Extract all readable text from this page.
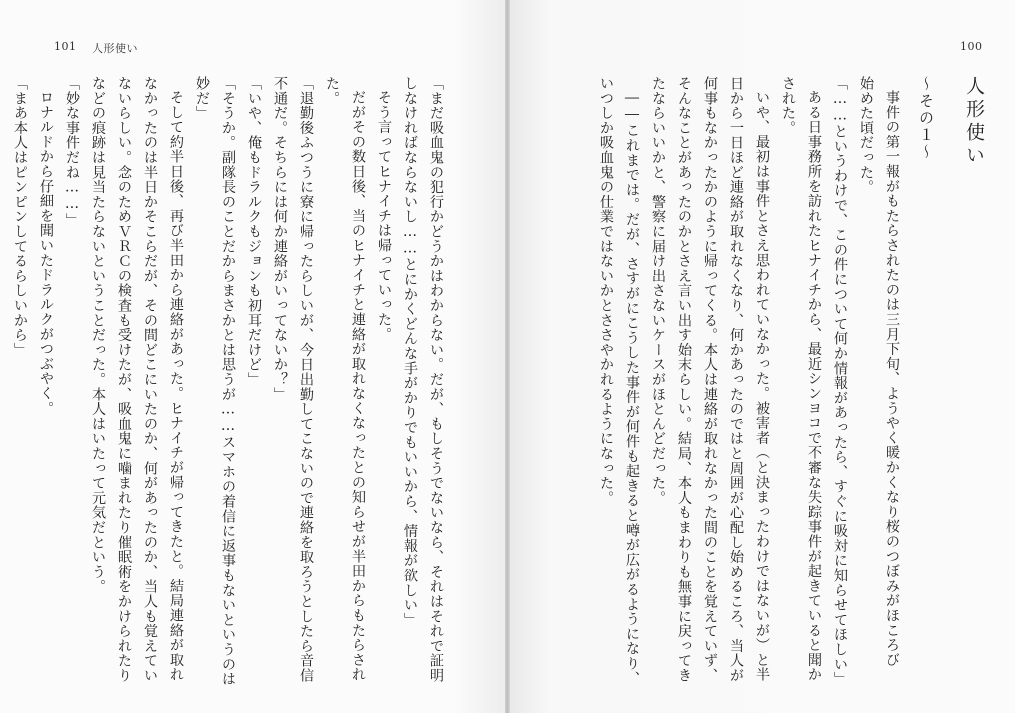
101 人形使い
「まだ吸血鬼の犯行かどうかはわからない。だが、もしそうでないなら、それはそれで証明
しなければならないし……とにかくどんな手がかりでもいいから、情報が欲しい」
そう言ってヒナイチは帰っていった。
だがその数日後、当のヒナイチと連絡が取れなくなったとの知らせが半田からもたらされ
た。
「退勤後ふつうに寮に帰ったらしいが、今日出勤してこないので連絡を取ろうとしたら音信
不通だ。そちらには何か連絡がいってないか？」
「いや、俺もドラルクもジョンも初耳だけど」
「そうか。副隊長のことだからまさかとは思うが……スマホの着信に返事もないというのは
妙だ」
そして約半日後、再び半田から連絡があった。ヒナイチが帰ってきたと。結局連絡が取れ
なかったのは半日かそこらだが、その間どこにいたのか、何があったのか、当人も覚えてい
ないらしい。念のためＶＲＣの検査も受けたが、吸血鬼に噛まれたり催眠術をかけられたり
などの痕跡は見当たらないということだった。本人はいたって元気だという。
「妙な事件だね……」
ロナルドから仔細を聞いたドラルクがつぶやく。
「まあ本人はピンピンしてるらしいから」
100
人形使い
〜その１〜
事件の第一報がもたらされたのは三月下旬、ようやく暖かくなり桜のつぼみがほころび
始めた頃だった。
「……というわけで、この件について何か情報があったら、すぐに吸対に知らせてほしい」
ある日事務所を訪れたヒナイチから、最近シンヨコで不審な失踪事件が起きていると聞か
された。
いや、最初は事件とさえ思われていなかった。被害者（と決まったわけではないが）と半
日から一日ほど連絡が取れなくなり、何かあったのではと周囲が心配し始めるころ、当人が
何事もなかったかのように帰ってくる。本人は連絡が取れなかった間のことを覚えていず、
そんなことがあったのかとさえ言い出す始末らしい。結局、本人もまわりも無事に戻ってき
たならいいかと、警察に届け出さないケースがほとんどだった。
――これまでは。だが、さすがにこうした事件が何件も起きると噂が広がるようになり、
いつしか吸血鬼の仕業ではないかとささやかれるようになった。
